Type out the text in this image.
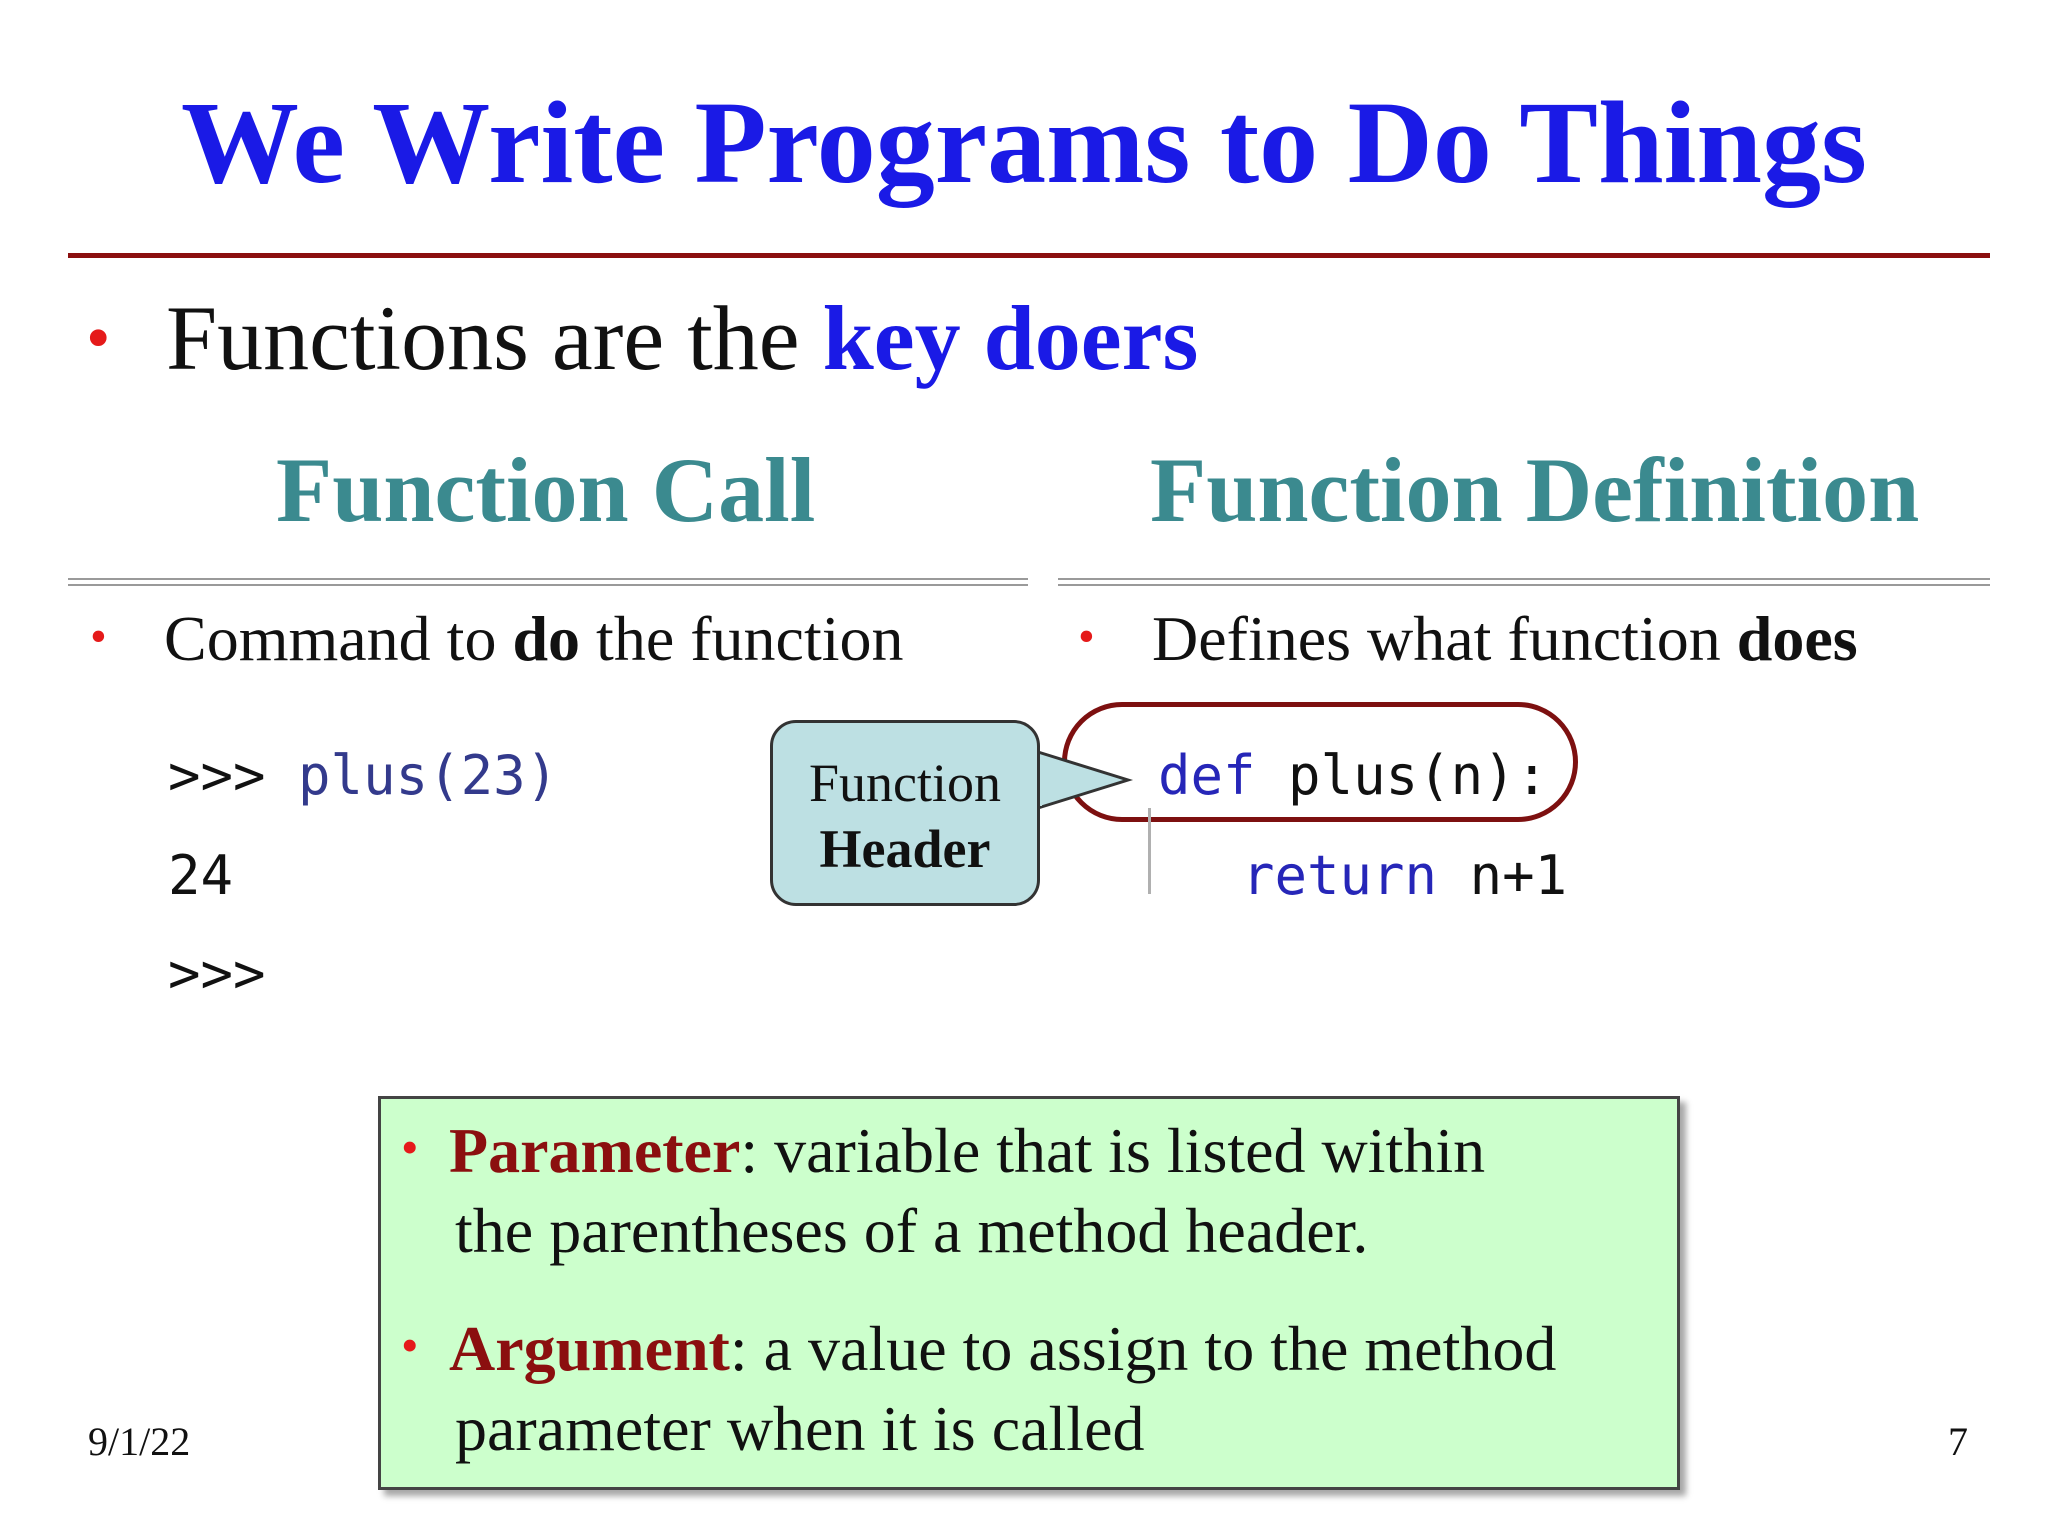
We Write Programs to Do Things
• Functions are the key doers
Function Call
• Command to do the function
>>> plus(23)
24
>>>
Function Definition
• Defines what function does
def plus(n):
return n+1
Function
Header
• Parameter: variable that is listed within
the parentheses of a method header.
• Argument: a value to assign to the method
parameter when it is called
9/1/22	7
